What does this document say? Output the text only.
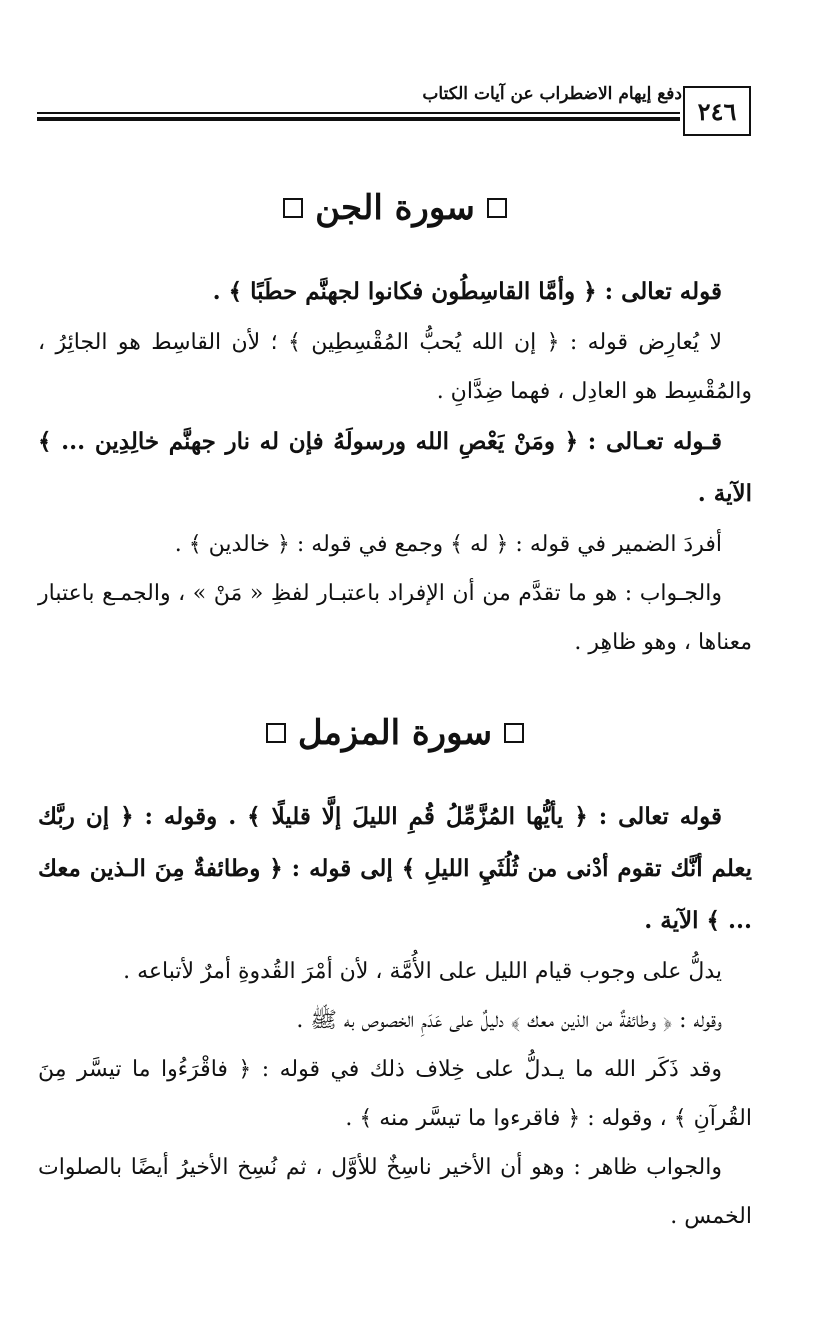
٢٤٦
دفع إيهام الاضطراب عن آيات الكتاب
سورة الجن

قوله تعالى : ﴿ وأمَّا القاسِطُون فكانوا لجهنَّم حطَبًا ﴾ .

لا يُعارِض قوله : ﴿ إن الله يُحبُّ المُقْسِطِين ﴾ ؛ لأن القاسِط هو الجائِرُ ، والمُقْسِط هو العادِل ، فهما ضِدَّانِ .

قـوله تعـالى : ﴿ ومَنْ يَعْصِ الله ورسولَهُ فإن له نار جهنَّم خالِدِين ... ﴾ الآية .

أفردَ الضمير في قوله : ﴿ له ﴾ وجمع في قوله : ﴿ خالدين ﴾ .

والجـواب : هو ما تقدَّم من أن الإفراد باعتبـار لفظِ « مَنْ » ، والجمـع باعتبار معناها ، وهو ظاهِر .

سورة المزمل

قوله تعالى : ﴿ يأيُّها المُزَّمِّلُ قُمِ الليلَ إلَّا قليلًا ﴾ . وقوله : ﴿ إن ربَّك يعلم أنَّك تقوم أدْنى من ثُلُثَيِ الليلِ ﴾ إلى قوله : ﴿ وطائفةٌ مِنَ الـذين معك ... ﴾ الآية .

يدلُّ على وجوب قيام الليل على الأُمَّة ، لأن أمْرَ القُدوةِ أمرٌ لأتباعه .

وقوله : ﴿ وطائفةٌ من الذين معك ﴾ دليلٌ على عَدَمِ الخصوص به ﷺ .

وقد ذَكَر الله ما يـدلُّ على خِلاف ذلك في قوله : ﴿ فاقْرَءُوا ما تيسَّر مِنَ القُرآنِ ﴾ ، وقوله : ﴿ فاقرءوا ما تيسَّر منه ﴾ .

والجواب ظاهر : وهو أن الأخير ناسِخٌ للأوَّل ، ثم نُسِخ الأخيرُ أيضًا بالصلوات الخمس .
